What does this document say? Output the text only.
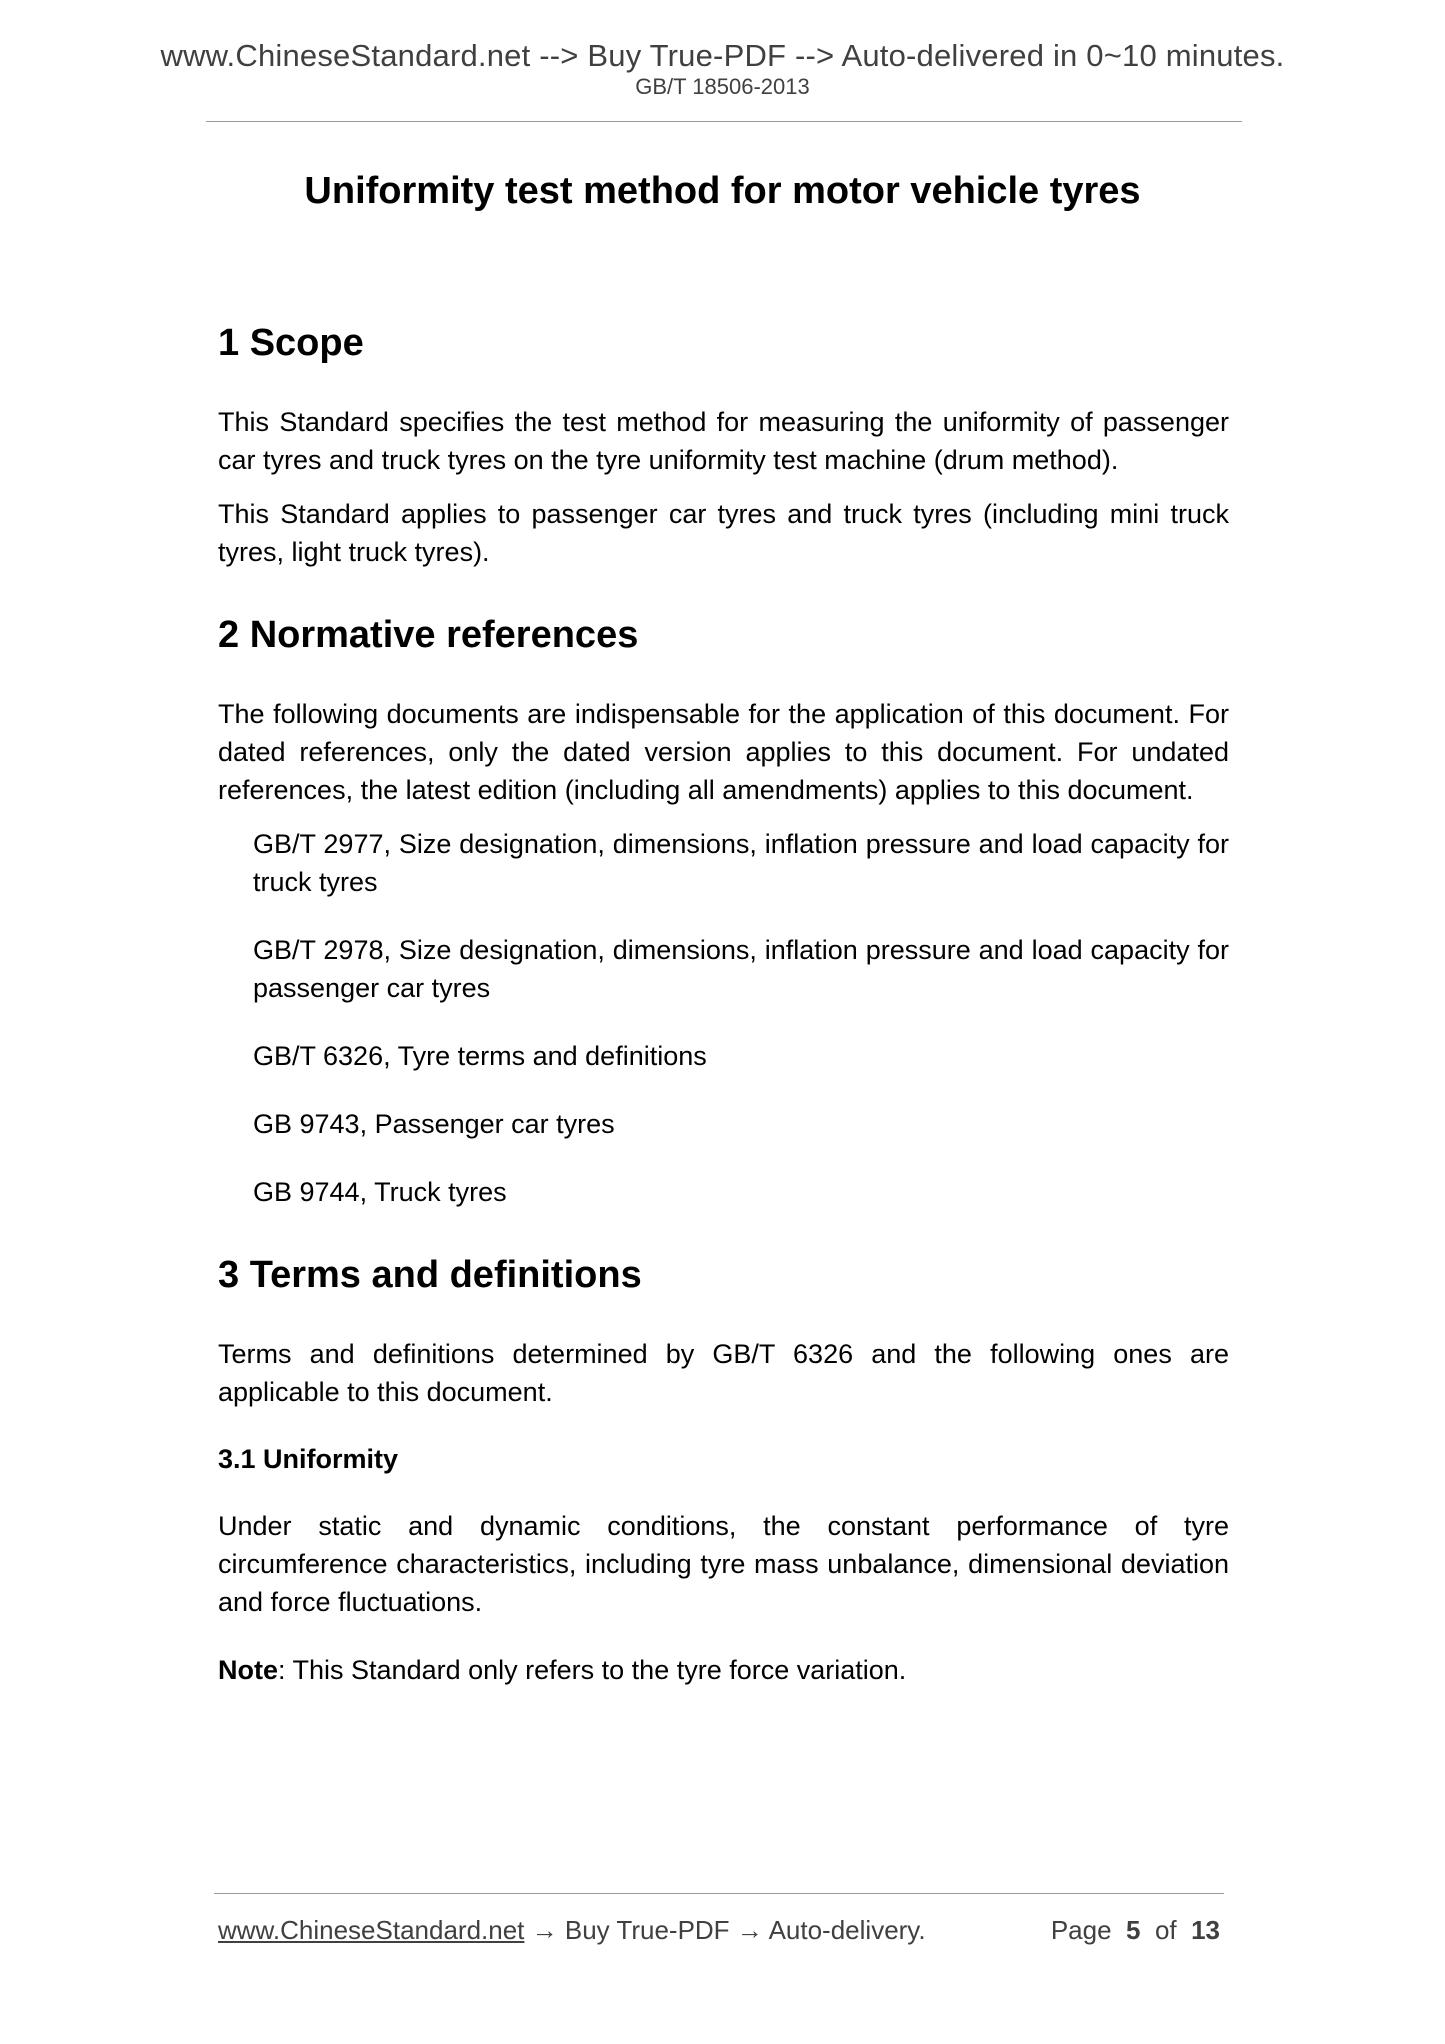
www.ChineseStandard.net --> Buy True-PDF --> Auto-delivered in 0~10 minutes.
GB/T 18506-2013
Uniformity test method for motor vehicle tyres
1 Scope

This Standard specifies the test method for measuring the uniformity of passenger car tyres and truck tyres on the tyre uniformity test machine (drum method).

This Standard applies to passenger car tyres and truck tyres (including mini truck tyres, light truck tyres).

2 Normative references

The following documents are indispensable for the application of this document. For dated references, only the dated version applies to this document. For undated references, the latest edition (including all amendments) applies to this document.

GB/T 2977, Size designation, dimensions, inflation pressure and load capacity for truck tyres

GB/T 2978, Size designation, dimensions, inflation pressure and load capacity for passenger car tyres

GB/T 6326, Tyre terms and definitions

GB 9743, Passenger car tyres

GB 9744, Truck tyres

3 Terms and definitions

Terms and definitions determined by GB/T 6326 and the following ones are applicable to this document.

3.1 Uniformity

Under static and dynamic conditions, the constant performance of tyre circumference characteristics, including tyre mass unbalance, dimensional deviation and force fluctuations.

Note: This Standard only refers to the tyre force variation.

www.ChineseStandard.net → Buy True-PDF → Auto-delivery.	Page 5 of 13
